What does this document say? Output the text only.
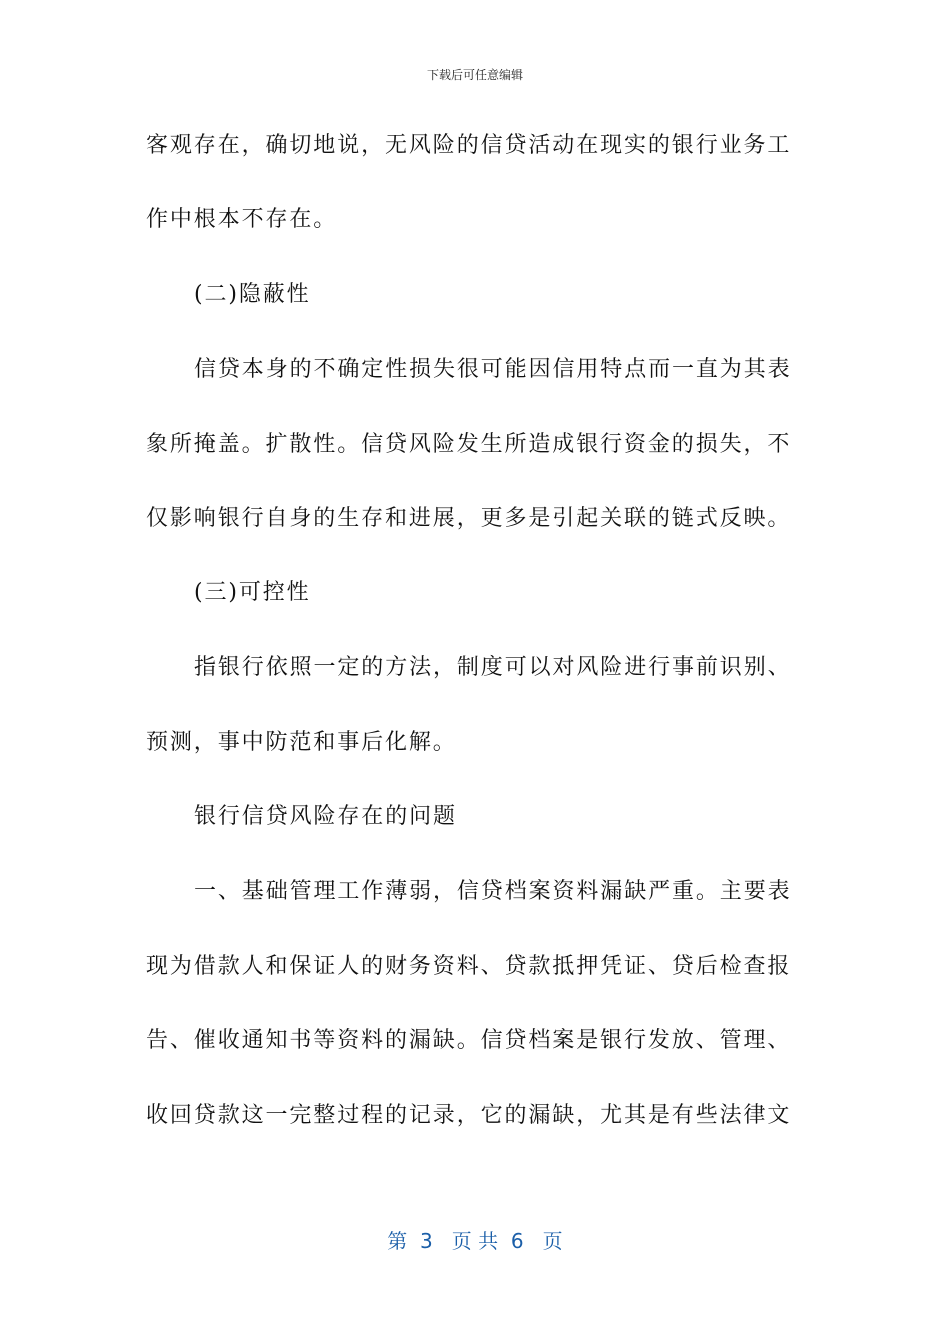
下载后可任意编辑
客观存在，确切地说，无风险的信贷活动在现实的银行业务工
作中根本不存在。
(二)隐蔽性
信贷本身的不确定性损失很可能因信用特点而一直为其表
象所掩盖。扩散性。信贷风险发生所造成银行资金的损失，不
仅影响银行自身的生存和进展，更多是引起关联的链式反映。
(三)可控性
指银行依照一定的方法，制度可以对风险进行事前识别、
预测，事中防范和事后化解。
银行信贷风险存在的问题
一、基础管理工作薄弱，信贷档案资料漏缺严重。主要表
现为借款人和保证人的财务资料、贷款抵押凭证、贷后检查报
告、催收通知书等资料的漏缺。信贷档案是银行发放、管理、
收回贷款这一完整过程的记录，它的漏缺，尤其是有些法律文
第  3   页 共  6   页
